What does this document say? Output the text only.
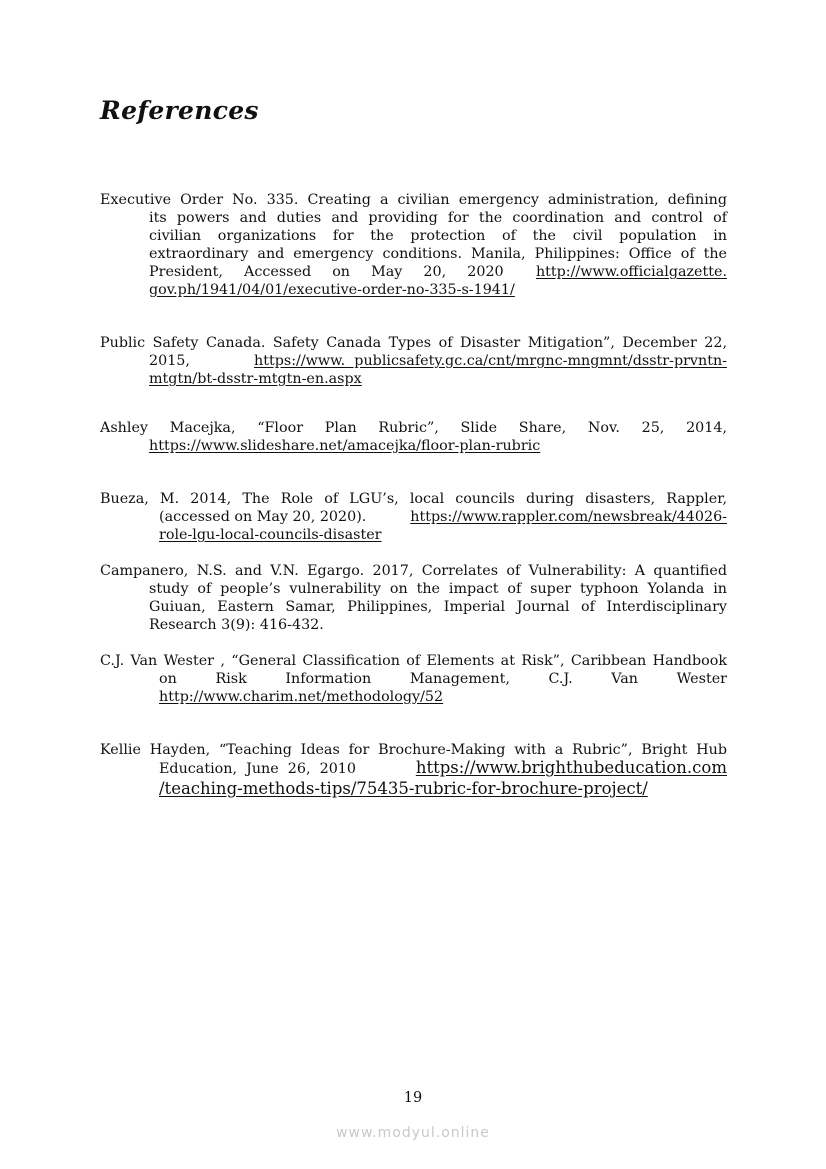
References
Executive Order No. 335. Creating a civilian emergency administration, defining
its powers and duties and providing for the coordination and control of
civilian organizations for the protection of the civil population in
extraordinary and emergency conditions. Manila, Philippines: Office of the
President,  Accessed  on  May  20,  2020 http://www.officialgazette.
gov.ph/1941/04/01/executive-order-no-335-s-1941/
Public Safety Canada. Safety Canada Types of Disaster Mitigation”, December 22,
2015,	https://www.  publicsafety.gc.ca/cnt/mrgnc-mngmnt/dsstr-prvntn-
mtgtn/bt-dsstr-mtgtn-en.aspx
Ashley Macejka, “Floor Plan Rubric”, Slide Share, Nov. 25, 2014,
https://www.slideshare.net/amacejka/floor-plan-rubric
Bueza, M. 2014, The Role of LGU’s, local councils during disasters, Rappler,
(accessed on May 20, 2020).	https://www.rappler.com/newsbreak/44026-
role-lgu-local-councils-disaster
Campanero, N.S. and V.N. Egargo. 2017, Correlates of Vulnerability: A quantified
study of people’s vulnerability on the impact of super typhoon Yolanda in
Guiuan, Eastern Samar, Philippines, Imperial Journal of Interdisciplinary
Research 3(9): 416-432.
C.J. Van Wester , “General Classification of Elements at Risk”, Caribbean Handbook
on Risk Information Management, C.J. Van Wester
http://www.charim.net/methodology/52
Kellie Hayden, “Teaching Ideas for Brochure-Making with a Rubric”, Bright Hub
Education,  June  26,  2010	https://www.brighthubeducation.com
/teaching-methods-tips/75435-rubric-for-brochure-project/
19
www.modyul.online
